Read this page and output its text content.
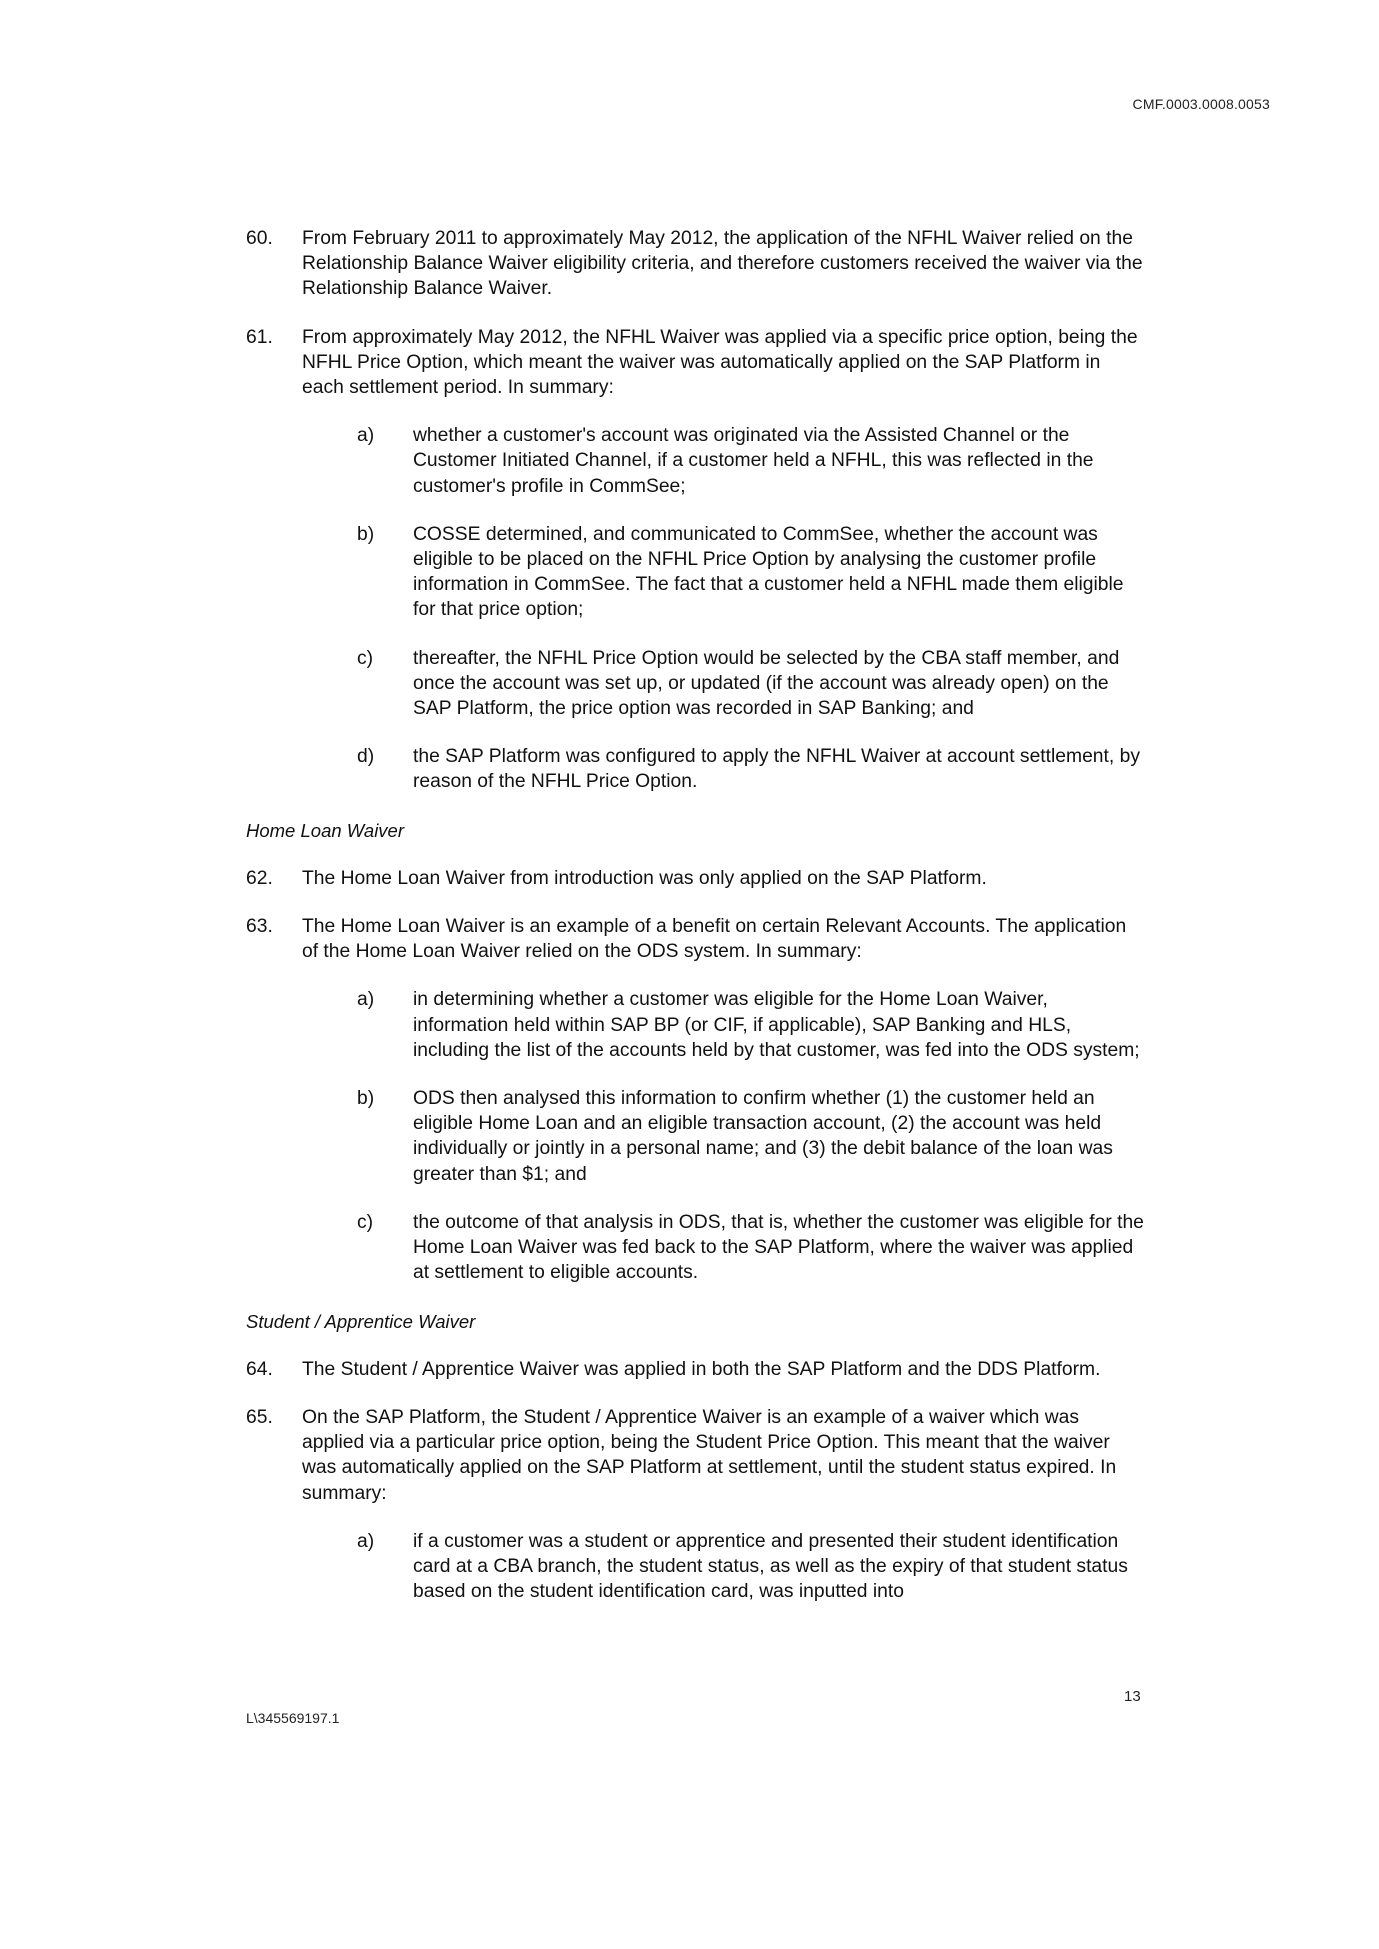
CMF.0003.0008.0053
60.	From February 2011 to approximately May 2012, the application of the NFHL Waiver relied on the Relationship Balance Waiver eligibility criteria, and therefore customers received the waiver via the Relationship Balance Waiver.
61.	From approximately May 2012, the NFHL Waiver was applied via a specific price option, being the NFHL Price Option, which meant the waiver was automatically applied on the SAP Platform in each settlement period. In summary:
a)	whether a customer's account was originated via the Assisted Channel or the Customer Initiated Channel, if a customer held a NFHL, this was reflected in the customer's profile in CommSee;
b)	COSSE determined, and communicated to CommSee, whether the account was eligible to be placed on the NFHL Price Option by analysing the customer profile information in CommSee. The fact that a customer held a NFHL made them eligible for that price option;
c)	thereafter, the NFHL Price Option would be selected by the CBA staff member, and once the account was set up, or updated (if the account was already open) on the SAP Platform, the price option was recorded in SAP Banking; and
d)	the SAP Platform was configured to apply the NFHL Waiver at account settlement, by reason of the NFHL Price Option.
Home Loan Waiver
62.	The Home Loan Waiver from introduction was only applied on the SAP Platform.
63.	The Home Loan Waiver is an example of a benefit on certain Relevant Accounts. The application of the Home Loan Waiver relied on the ODS system. In summary:
a)	in determining whether a customer was eligible for the Home Loan Waiver, information held within SAP BP (or CIF, if applicable), SAP Banking and HLS, including the list of the accounts held by that customer, was fed into the ODS system;
b)	ODS then analysed this information to confirm whether (1) the customer held an eligible Home Loan and an eligible transaction account, (2) the account was held individually or jointly in a personal name; and (3) the debit balance of the loan was greater than $1; and
c)	the outcome of that analysis in ODS, that is, whether the customer was eligible for the Home Loan Waiver was fed back to the SAP Platform, where the waiver was applied at settlement to eligible accounts.
Student / Apprentice Waiver
64.	The Student / Apprentice Waiver was applied in both the SAP Platform and the DDS Platform.
65.	On the SAP Platform, the Student / Apprentice Waiver is an example of a waiver which was applied via a particular price option, being the Student Price Option. This meant that the waiver was automatically applied on the SAP Platform at settlement, until the student status expired. In summary:
a)	if a customer was a student or apprentice and presented their student identification card at a CBA branch, the student status, as well as the expiry of that student status based on the student identification card, was inputted into
13
L\345569197.1
